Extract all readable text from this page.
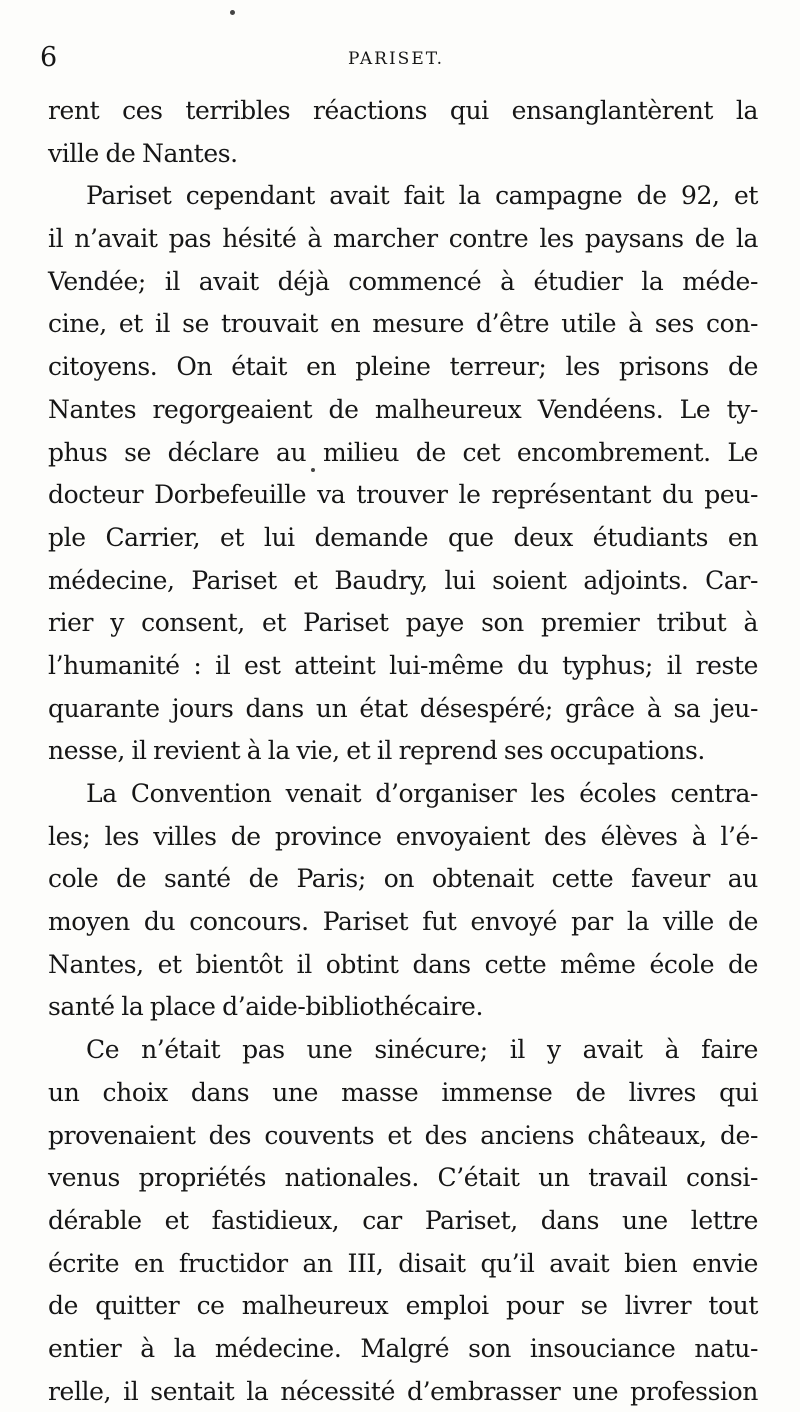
6	PARISET.
rent ces terribles réactions qui ensanglantèrent la
ville de Nantes.
Pariset cependant avait fait la campagne de 92, et
il n’avait pas hésité à marcher contre les paysans de la
Vendée; il avait déjà commencé à étudier la méde-
cine, et il se trouvait en mesure d’être utile à ses con-
citoyens. On était en pleine terreur; les prisons de
Nantes regorgeaient de malheureux Vendéens. Le ty-
phus se déclare au milieu de cet encombrement. Le
docteur Dorbefeuille va trouver le représentant du peu-
ple Carrier, et lui demande que deux étudiants en
médecine, Pariset et Baudry, lui soient adjoints. Car-
rier y consent, et Pariset paye son premier tribut à
l’humanité : il est atteint lui-même du typhus; il reste
quarante jours dans un état désespéré; grâce à sa jeu-
nesse, il revient à la vie, et il reprend ses occupations.
La Convention venait d’organiser les écoles centra-
les; les villes de province envoyaient des élèves à l’é-
cole de santé de Paris; on obtenait cette faveur au
moyen du concours. Pariset fut envoyé par la ville de
Nantes, et bientôt il obtint dans cette même école de
santé la place d’aide-bibliothécaire.
Ce n’était pas une sinécure; il y avait à faire
un choix dans une masse immense de livres qui
provenaient des couvents et des anciens châteaux, de-
venus propriétés nationales. C’était un travail consi-
dérable et fastidieux, car Pariset, dans une lettre
écrite en fructidor an III, disait qu’il avait bien envie
de quitter ce malheureux emploi pour se livrer tout
entier à la médecine. Malgré son insouciance natu-
relle, il sentait la nécessité d’embrasser une profession
